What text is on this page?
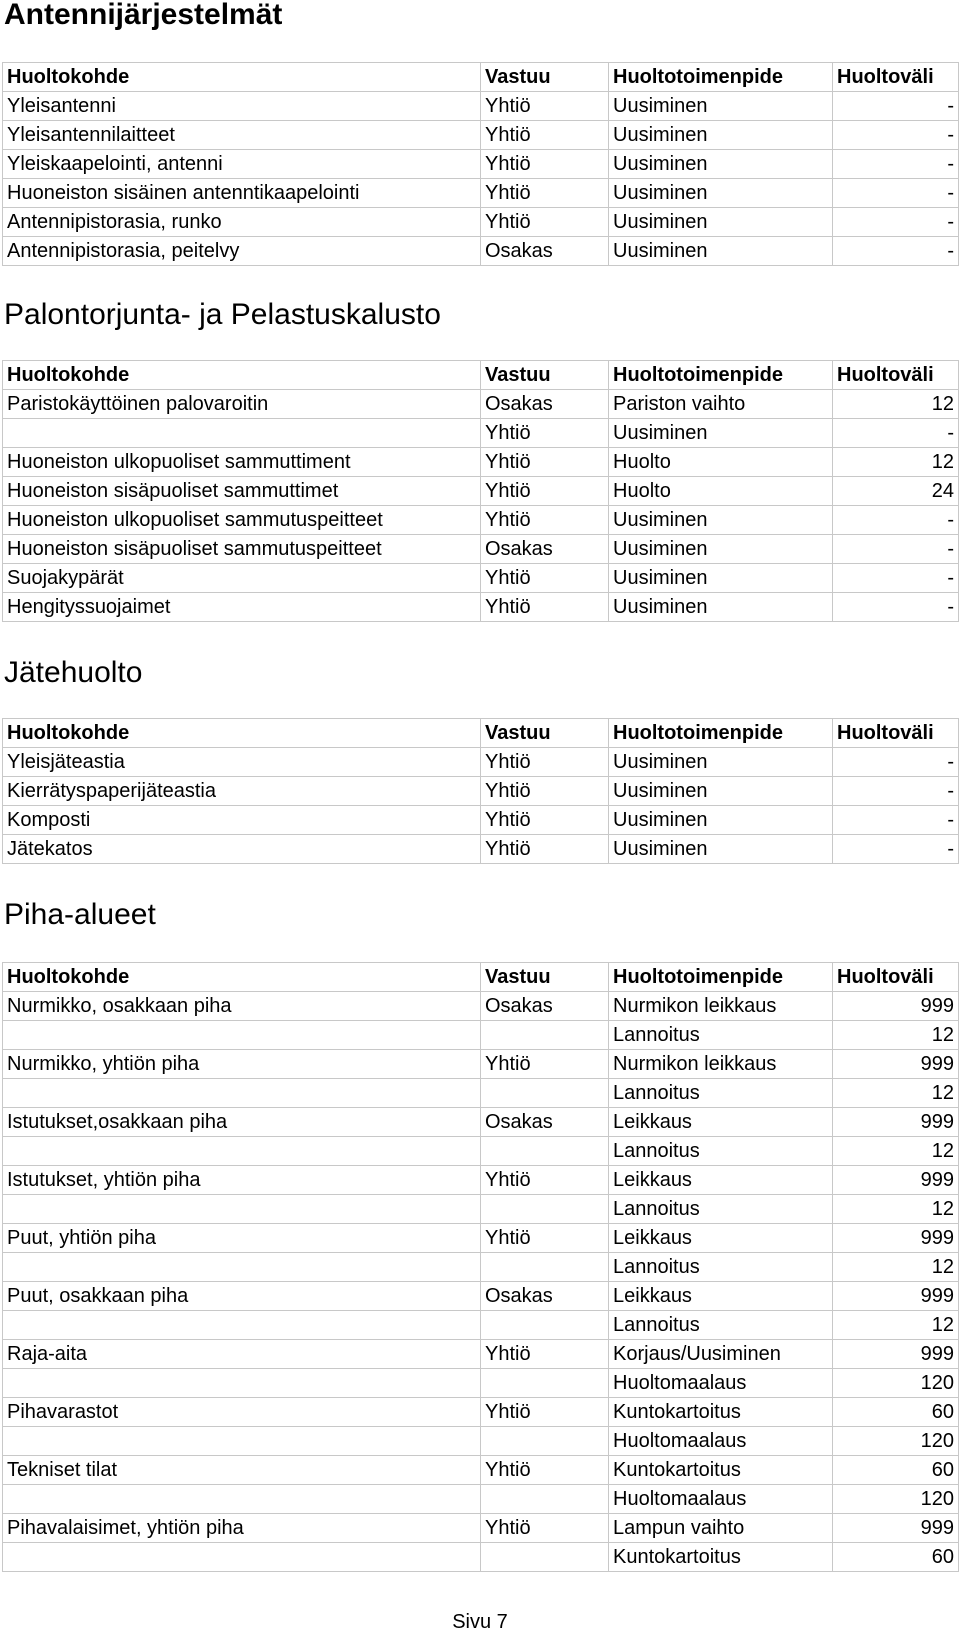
Antennijärjestelmät
Huoltokohde	Vastuu	Huoltotoimenpide	Huoltoväli
Yleisantenni	Yhtiö	Uusiminen	-
Yleisantennilaitteet	Yhtiö	Uusiminen	-
Yleiskaapelointi, antenni	Yhtiö	Uusiminen	-
Huoneiston sisäinen antenntikaapelointi	Yhtiö	Uusiminen	-
Antennipistorasia, runko	Yhtiö	Uusiminen	-
Antennipistorasia, peitelvy	Osakas	Uusiminen	-
Palontorjunta- ja Pelastuskalusto
Huoltokohde	Vastuu	Huoltotoimenpide	Huoltoväli
Paristokäyttöinen palovaroitin	Osakas	Pariston vaihto	12
	Yhtiö	Uusiminen	-
Huoneiston ulkopuoliset sammuttiment	Yhtiö	Huolto	12
Huoneiston sisäpuoliset sammuttimet	Yhtiö	Huolto	24
Huoneiston ulkopuoliset sammutuspeitteet	Yhtiö	Uusiminen	-
Huoneiston sisäpuoliset sammutuspeitteet	Osakas	Uusiminen	-
Suojakypärät	Yhtiö	Uusiminen	-
Hengityssuojaimet	Yhtiö	Uusiminen	-
Jätehuolto
Huoltokohde	Vastuu	Huoltotoimenpide	Huoltoväli
Yleisjäteastia	Yhtiö	Uusiminen	-
Kierrätyspaperijäteastia	Yhtiö	Uusiminen	-
Komposti	Yhtiö	Uusiminen	-
Jätekatos	Yhtiö	Uusiminen	-
Piha-alueet
Huoltokohde	Vastuu	Huoltotoimenpide	Huoltoväli
Nurmikko, osakkaan piha	Osakas	Nurmikon leikkaus	999
		Lannoitus	12
Nurmikko, yhtiön piha	Yhtiö	Nurmikon leikkaus	999
		Lannoitus	12
Istutukset,osakkaan piha	Osakas	Leikkaus	999
		Lannoitus	12
Istutukset, yhtiön piha	Yhtiö	Leikkaus	999
		Lannoitus	12
Puut, yhtiön piha	Yhtiö	Leikkaus	999
		Lannoitus	12
Puut, osakkaan piha	Osakas	Leikkaus	999
		Lannoitus	12
Raja-aita	Yhtiö	Korjaus/Uusiminen	999
		Huoltomaalaus	120
Pihavarastot	Yhtiö	Kuntokartoitus	60
		Huoltomaalaus	120
Tekniset tilat	Yhtiö	Kuntokartoitus	60
		Huoltomaalaus	120
Pihavalaisimet, yhtiön piha	Yhtiö	Lampun vaihto	999
		Kuntokartoitus	60
Sivu 7
